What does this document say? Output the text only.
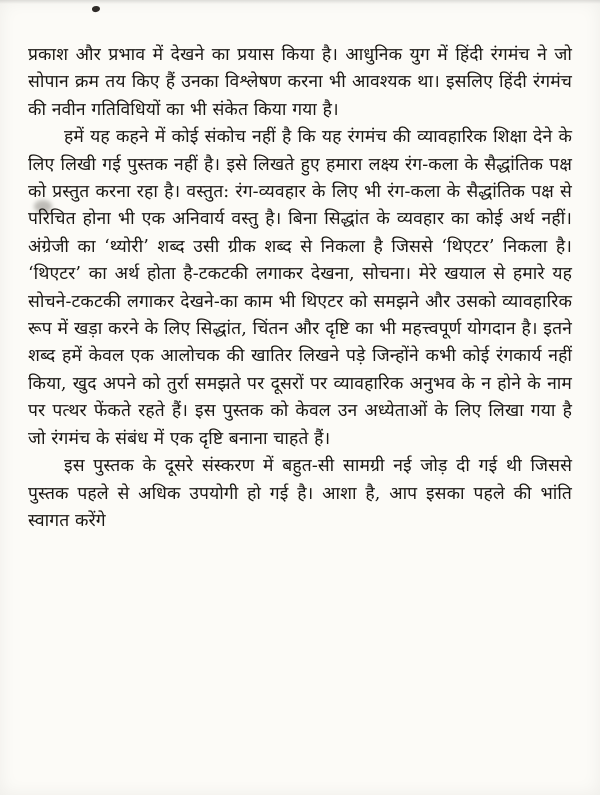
प्रकाश और प्रभाव में देखने का प्रयास किया है। आधुनिक युग में हिंदी रंगमंच ने जो सोपान क्रम तय किए हैं उनका विश्लेषण करना भी आवश्यक था। इसलिए हिंदी रंगमंच की नवीन गतिविधियों का भी संकेत किया गया है।

हमें यह कहने में कोई संकोच नहीं है कि यह रंगमंच की व्यावहारिक शिक्षा देने के लिए लिखी गई पुस्तक नहीं है। इसे लिखते हुए हमारा लक्ष्य रंग-कला के सैद्धांतिक पक्ष को प्रस्तुत करना रहा है। वस्तुत: रंग-व्यवहार के लिए भी रंग-कला के सैद्धांतिक पक्ष से परिचित होना भी एक अनिवार्य वस्तु है। बिना सिद्धांत के व्यवहार का कोई अर्थ नहीं। अंग्रेजी का ‘थ्योरी’ शब्द उसी ग्रीक शब्द से निकला है जिससे ‘थिएटर’ निकला है। ‘थिएटर’ का अर्थ होता है-टकटकी लगाकर देखना, सोचना। मेरे खयाल से हमारे यह सोचने-टकटकी लगाकर देखने-का काम भी थिएटर को समझने और उसको व्यावहारिक रूप में खड़ा करने के लिए सिद्धांत, चिंतन और दृष्टि का भी महत्त्वपूर्ण योगदान है। इतने शब्द हमें केवल एक आलोचक की खातिर लिखने पड़े जिन्होंने कभी कोई रंगकार्य नहीं किया, खुद अपने को तुर्रा समझते पर दूसरों पर व्यावहारिक अनुभव के न होने के नाम पर पत्थर फेंकते रहते हैं। इस पुस्तक को केवल उन अध्येताओं के लिए लिखा गया है जो रंगमंच के संबंध में एक दृष्टि बनाना चाहते हैं।

इस पुस्तक के दूसरे संस्करण में बहुत-सी सामग्री नई जोड़ दी गई थी जिससे पुस्तक पहले से अधिक उपयोगी हो गई है। आशा है, आप इसका पहले की भांति स्वागत करेंगे
